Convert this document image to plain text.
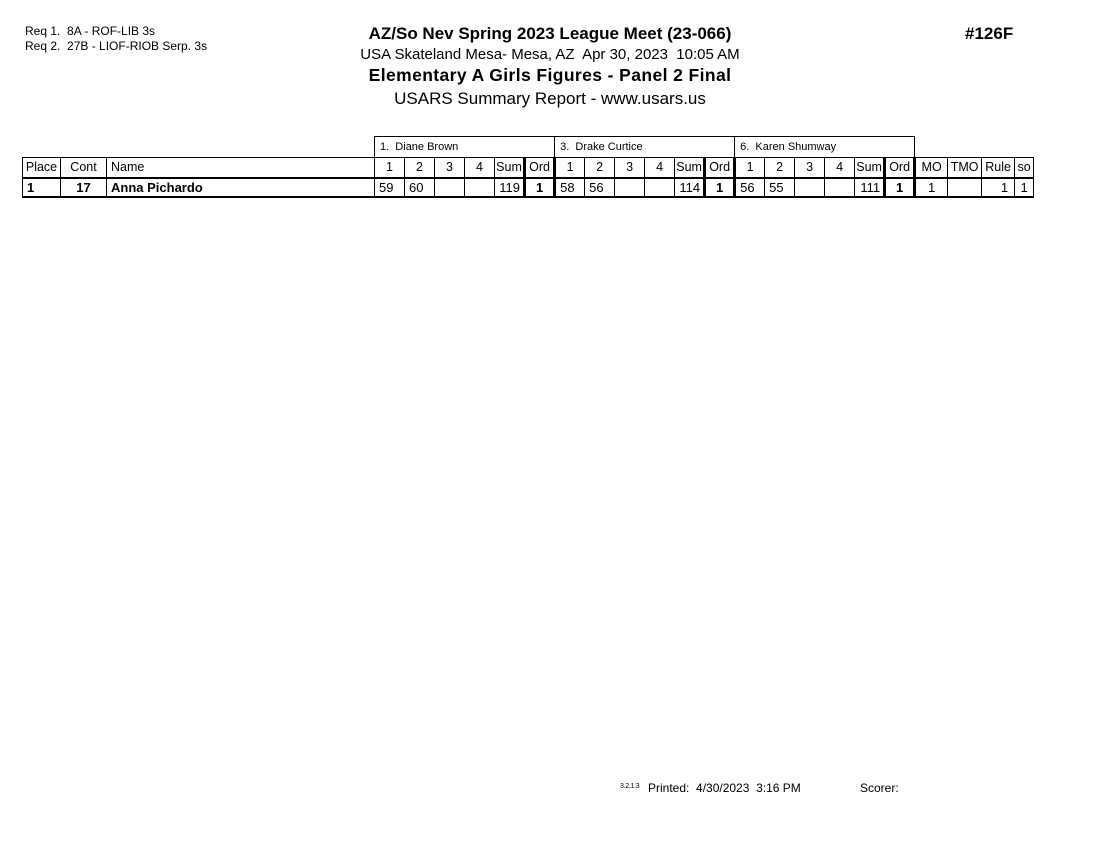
Req 1.  8A - ROF-LIB 3s
Req 2.  27B - LIOF-RIOB Serp. 3s
AZ/So Nev Spring 2023 League Meet (23-066)
USA Skateland Mesa- Mesa, AZ  Apr 30, 2023  10:05 AM
Elementary A Girls Figures - Panel 2 Final
USARS Summary Report - www.usars.us
#126F
			1.  Diane Brown						3.  Drake Curtice						6.  Karen Shumway									
Place	Cont	Name	1	2	3	4	Sum	Ord	1	2	3	4	Sum	Ord	1	2	3	4	Sum	Ord	MO	TMO	Rule	so
1	17	Anna Pichardo	59	60			119	1	58	56			114	1	56	55			111	1	1		1	1
3.2.1.3 Printed:  4/30/2023  3:16 PM	Scorer:
